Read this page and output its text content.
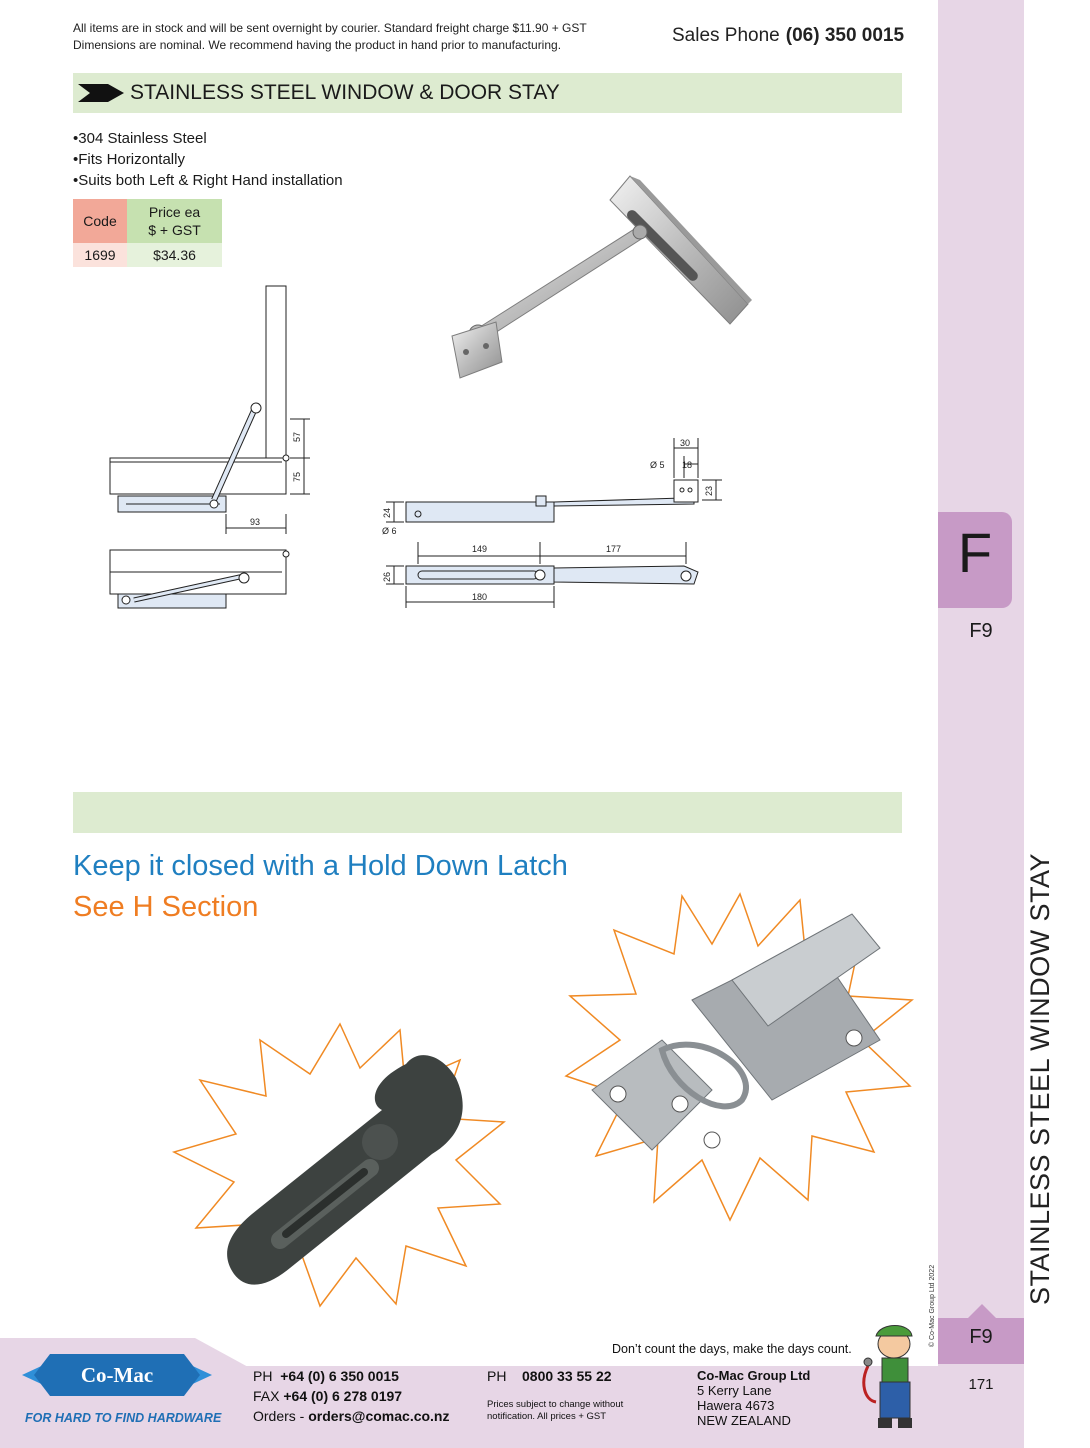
F
F9
STAINLESS STEEL WINDOW STAY
© Co-Mac Group Ltd 2022	F9
171
All items are in stock and will be sent overnight by courier. Standard freight charge $11.90 + GST
Dimensions are nominal. We recommend having the product in hand prior to manufacturing.	Sales Phone (06) 350 0015
STAINLESS STEEL WINDOW & DOOR STAY
• 304 Stainless Steel
• Fits Horizontally
• Suits both Left & Right Hand installation
Code	Price ea
$ + GST

1699	$34.36
57
75
93
30
Ø 5 18
23
24
Ø 6
149	177
26
180
Keep it closed with a Hold Down Latch
See H Section
Don’t count the days, make the days count.
Co-Mac
FOR HARD TO FIND HARDWARE
PH +64 (0) 6 350 0015
FAX +64 (0) 6 278 0197
Orders - orders@comac.co.nz
PH 0800 33 55 22
Prices subject to change without notification. All prices + GST
Co-Mac Group Ltd
5 Kerry Lane
Hawera 4673
NEW ZEALAND
